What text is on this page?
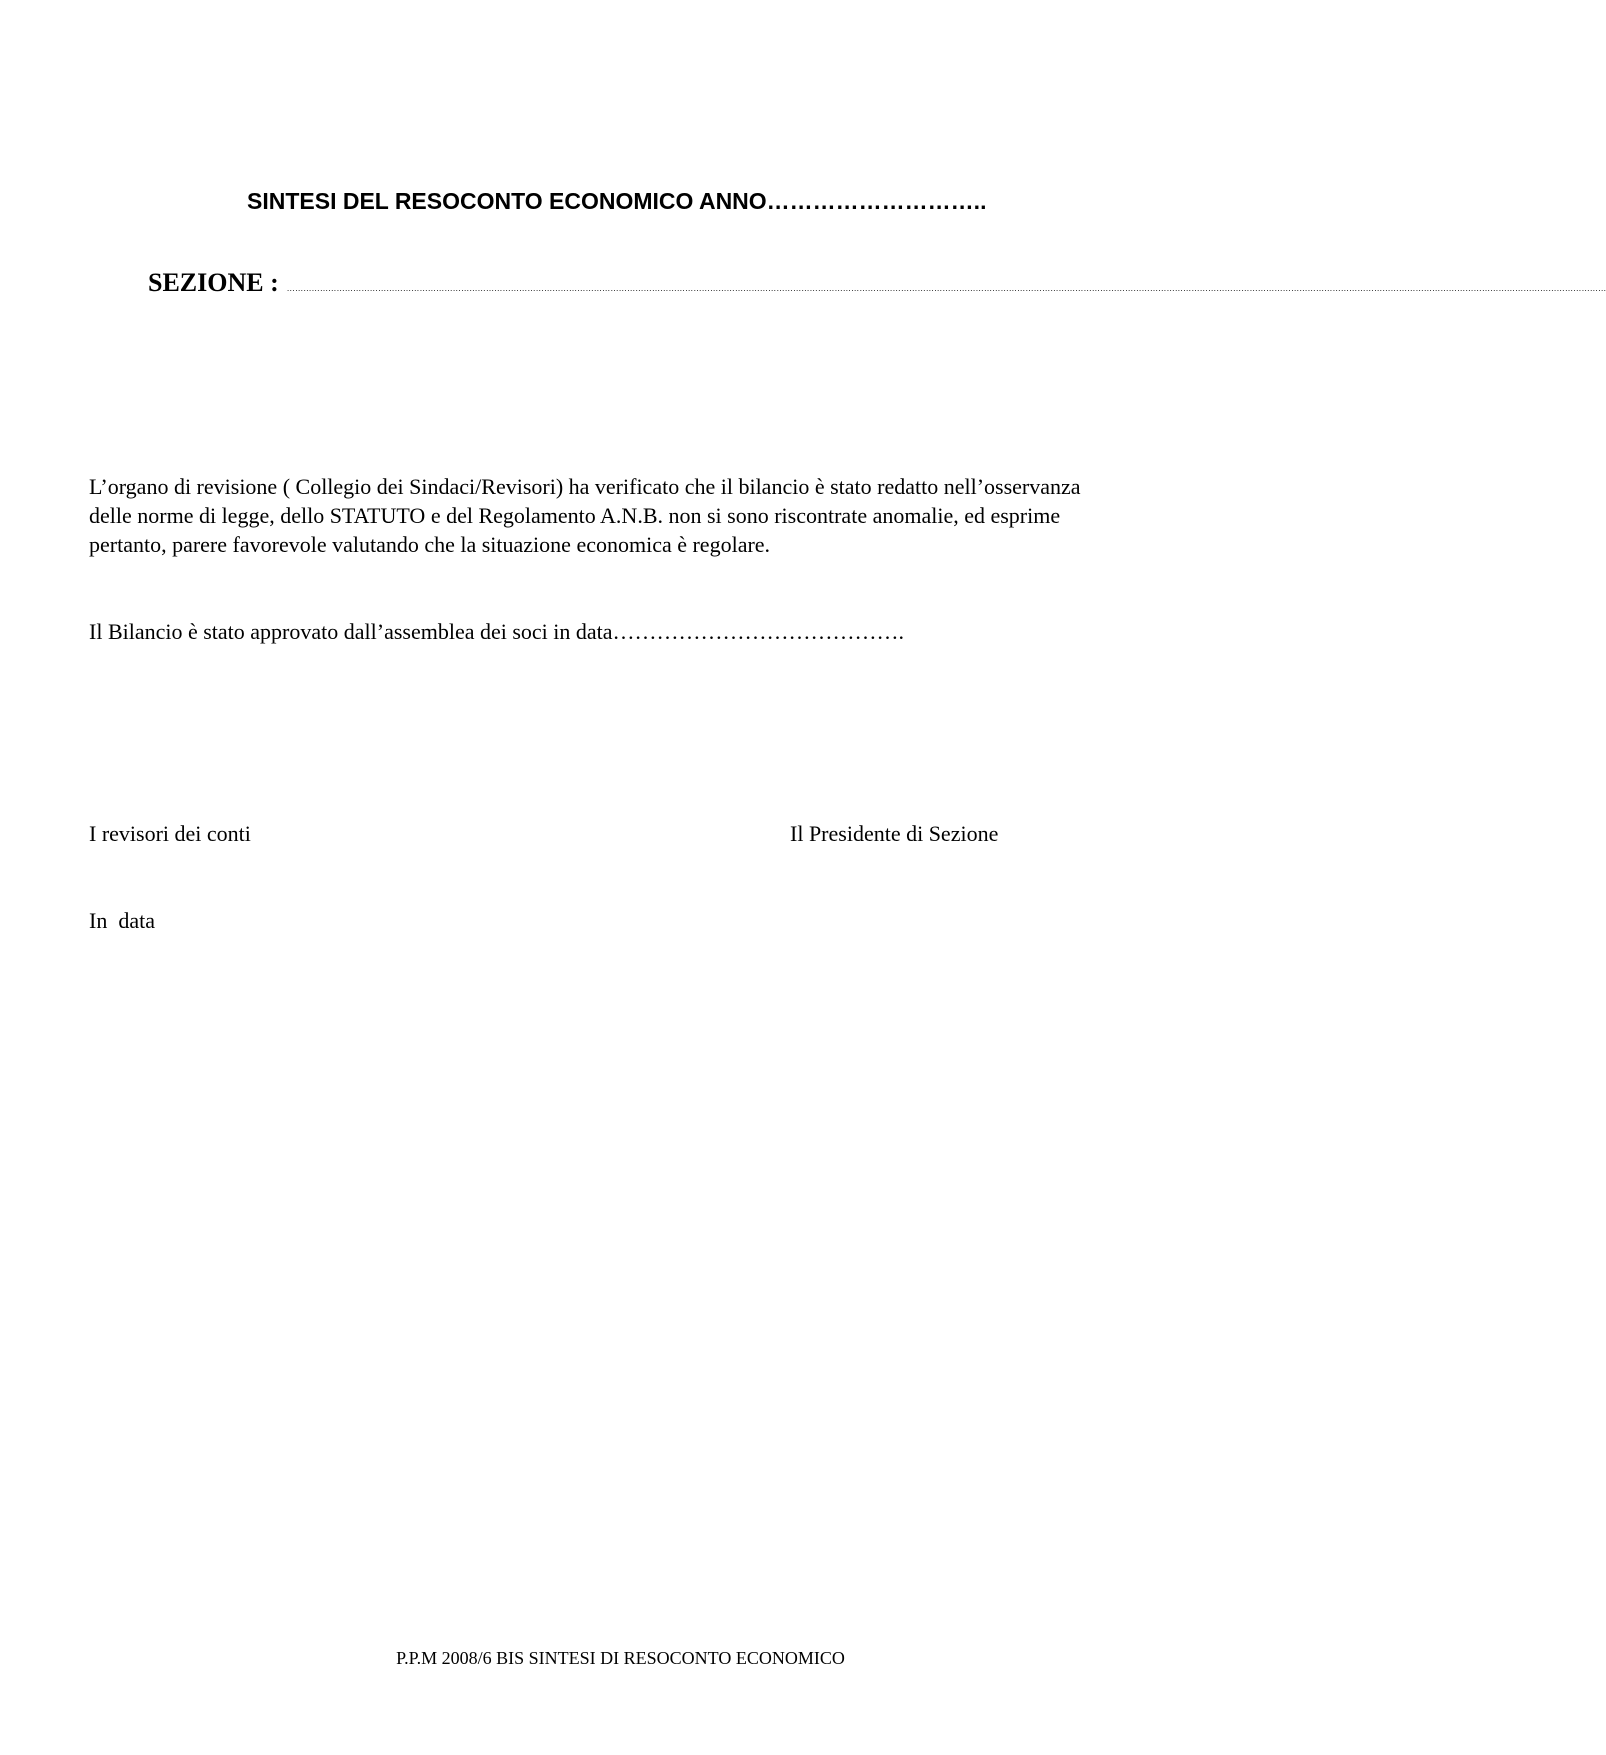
SINTESI DEL RESOCONTO ECONOMICO ANNO………………………..
SEZIONE : ………………………………………………………………………………………………………………………………………………………………………………………………………………………………………………………………………………………………………………………………………………………………………………………………………………………………………
L’organo di revisione ( Collegio dei Sindaci/Revisori) ha verificato che il bilancio è stato redatto nell’osservanza delle norme di legge, dello STATUTO e del Regolamento A.N.B. non si sono riscontrate anomalie, ed esprime pertanto, parere favorevole valutando che la situazione economica è regolare.
Il Bilancio è stato approvato dall’assemblea dei soci in data………………………………….
I revisori dei conti	Il Presidente di Sezione
In  data
P.P.M 2008/6 BIS SINTESI DI RESOCONTO ECONOMICO
